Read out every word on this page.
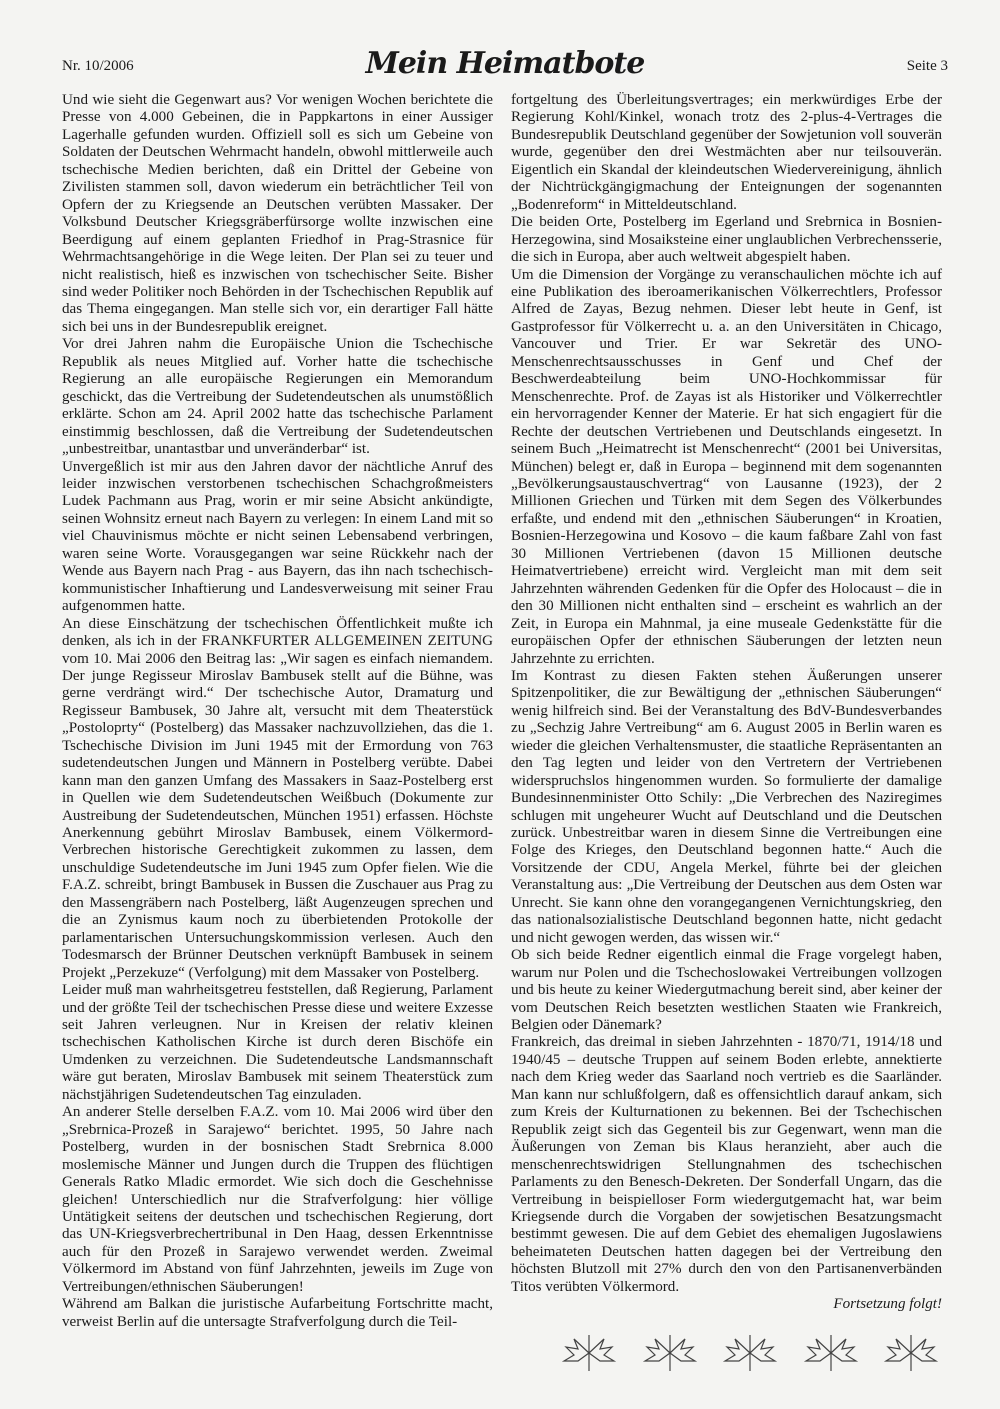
Nr. 10/2006	Mein Heimatbote	Seite 3

Und wie sieht die Gegenwart aus? Vor wenigen Wochen berichtete die Presse von 4.000 Gebeinen, die in Pappkartons in einer Aussiger Lagerhalle gefunden wurden. Offiziell soll es sich um Gebeine von Soldaten der Deutschen Wehrmacht handeln, obwohl mittlerweile auch tschechische Medien berichten, daß ein Drittel der Gebeine von Zivilisten stammen soll, davon wiederum ein beträchtlicher Teil von Opfern der zu Kriegsende an Deutschen verübten Massaker. Der Volksbund Deutscher Kriegsgräberfürsorge wollte inzwischen eine Beerdigung auf einem geplanten Friedhof in Prag-Strasnice für Wehrmachtsangehörige in die Wege leiten. Der Plan sei zu teuer und nicht realistisch, hieß es inzwischen von tschechischer Seite. Bisher sind weder Politiker noch Behörden in der Tschechischen Republik auf das Thema eingegangen. Man stelle sich vor, ein derartiger Fall hätte sich bei uns in der Bundesrepublik ereignet.

Vor drei Jahren nahm die Europäische Union die Tschechische Republik als neues Mitglied auf. Vorher hatte die tschechische Regierung an alle europäische Regierungen ein Memorandum geschickt, das die Vertreibung der Sudetendeutschen als unumstößlich erklärte. Schon am 24. April 2002 hatte das tschechische Parlament einstimmig beschlossen, daß die Vertreibung der Sudetendeutschen „unbestreitbar, unantastbar und unveränderbar“ ist.

Unvergeßlich ist mir aus den Jahren davor der nächtliche Anruf des leider inzwischen verstorbenen tschechischen Schachgroßmeisters Ludek Pachmann aus Prag, worin er mir seine Absicht ankündigte, seinen Wohnsitz erneut nach Bayern zu verlegen: In einem Land mit so viel Chauvinismus möchte er nicht seinen Lebensabend verbringen, waren seine Worte. Vorausgegangen war seine Rückkehr nach der Wende aus Bayern nach Prag - aus Bayern, das ihn nach tschechisch-kommunistischer Inhaftierung und Landesverweisung mit seiner Frau aufgenommen hatte.

An diese Einschätzung der tschechischen Öffentlichkeit mußte ich denken, als ich in der FRANKFURTER ALLGEMEINEN ZEITUNG vom 10. Mai 2006 den Beitrag las: „Wir sagen es einfach niemandem. Der junge Regisseur Miroslav Bambusek stellt auf die Bühne, was gerne verdrängt wird.“ Der tschechische Autor, Dramaturg und Regisseur Bambusek, 30 Jahre alt, versucht mit dem Theaterstück „Postoloprty“ (Postelberg) das Massaker nachzuvollziehen, das die 1. Tschechische Division im Juni 1945 mit der Ermordung von 763 sudetendeutschen Jungen und Männern in Postelberg verübte. Dabei kann man den ganzen Umfang des Massakers in Saaz-Postelberg erst in Quellen wie dem Sudetendeutschen Weißbuch (Dokumente zur Austreibung der Sudetendeutschen, München 1951) erfassen. Höchste Anerkennung gebührt Miroslav Bambusek, einem Völkermord-Verbrechen historische Gerechtigkeit zukommen zu lassen, dem unschuldige Sudetendeutsche im Juni 1945 zum Opfer fielen. Wie die F.A.Z. schreibt, bringt Bambusek in Bussen die Zuschauer aus Prag zu den Massengräbern nach Postelberg, läßt Augenzeugen sprechen und die an Zynismus kaum noch zu überbietenden Protokolle der parlamentarischen Untersuchungskommission verlesen. Auch den Todesmarsch der Brünner Deutschen verknüpft Bambusek in seinem Projekt „Perzekuze“ (Verfolgung) mit dem Massaker von Postelberg.

Leider muß man wahrheitsgetreu feststellen, daß Regierung, Parlament und der größte Teil der tschechischen Presse diese und weitere Exzesse seit Jahren verleugnen. Nur in Kreisen der relativ kleinen tschechischen Katholischen Kirche ist durch deren Bischöfe ein Umdenken zu verzeichnen. Die Sudetendeutsche Landsmannschaft wäre gut beraten, Miroslav Bambusek mit seinem Theaterstück zum nächstjährigen Sudetendeutschen Tag einzuladen.

An anderer Stelle derselben F.A.Z. vom 10. Mai 2006 wird über den „Srebrnica-Prozeß in Sarajewo“ berichtet. 1995, 50 Jahre nach Postelberg, wurden in der bosnischen Stadt Srebrnica 8.000 moslemische Männer und Jungen durch die Truppen des flüchtigen Generals Ratko Mladic ermordet. Wie sich doch die Geschehnisse gleichen! Unterschiedlich nur die Strafverfolgung: hier völlige Untätigkeit seitens der deutschen und tschechischen Regierung, dort das UN-Kriegsverbrechertribunal in Den Haag, dessen Erkenntnisse auch für den Prozeß in Sarajewo verwendet werden. Zweimal Völkermord im Abstand von fünf Jahrzehnten, jeweils im Zuge von Vertreibungen/ethnischen Säuberungen!

Während am Balkan die juristische Aufarbeitung Fortschritte macht, verweist Berlin auf die untersagte Strafverfolgung durch die Teil-

fortgeltung des Überleitungsvertrages; ein merkwürdiges Erbe der Regierung Kohl/Kinkel, wonach trotz des 2-plus-4-Vertrages die Bundesrepublik Deutschland gegenüber der Sowjetunion voll souverän wurde, gegenüber den drei Westmächten aber nur teilsouverän. Eigentlich ein Skandal der kleindeutschen Wiedervereinigung, ähnlich der Nichtrückgängigmachung der Enteignungen der sogenannten „Bodenreform“ in Mitteldeutschland.

Die beiden Orte, Postelberg im Egerland und Srebrnica in Bosnien-Herzegowina, sind Mosaiksteine einer unglaublichen Verbrechensserie, die sich in Europa, aber auch weltweit abgespielt haben.

Um die Dimension der Vorgänge zu veranschaulichen möchte ich auf eine Publikation des iberoamerikanischen Völkerrechtlers, Professor Alfred de Zayas, Bezug nehmen. Dieser lebt heute in Genf, ist Gastprofessor für Völkerrecht u. a. an den Universitäten in Chicago, Vancouver und Trier. Er war Sekretär des UNO-Menschenrechtsausschusses in Genf und Chef der Beschwerdeabteilung beim UNO-Hochkommissar für Menschenrechte. Prof. de Zayas ist als Historiker und Völkerrechtler ein hervorragender Kenner der Materie. Er hat sich engagiert für die Rechte der deutschen Vertriebenen und Deutschlands eingesetzt. In seinem Buch „Heimatrecht ist Menschenrecht“ (2001 bei Universitas, München) belegt er, daß in Europa – beginnend mit dem sogenannten „Bevölkerungsaustauschvertrag“ von Lausanne (1923), der 2 Millionen Griechen und Türken mit dem Segen des Völkerbundes erfaßte, und endend mit den „ethnischen Säuberungen“ in Kroatien, Bosnien-Herzegowina und Kosovo – die kaum faßbare Zahl von fast 30 Millionen Vertriebenen (davon 15 Millionen deutsche Heimatvertriebene) erreicht wird. Vergleicht man mit dem seit Jahrzehnten währenden Gedenken für die Opfer des Holocaust – die in den 30 Millionen nicht enthalten sind – erscheint es wahrlich an der Zeit, in Europa ein Mahnmal, ja eine museale Gedenkstätte für die europäischen Opfer der ethnischen Säuberungen der letzten neun Jahrzehnte zu errichten.

Im Kontrast zu diesen Fakten stehen Äußerungen unserer Spitzenpolitiker, die zur Bewältigung der „ethnischen Säuberungen“ wenig hilfreich sind. Bei der Veranstaltung des BdV-Bundesverbandes zu „Sechzig Jahre Vertreibung“ am 6. August 2005 in Berlin waren es wieder die gleichen Verhaltensmuster, die staatliche Repräsentanten an den Tag legten und leider von den Vertretern der Vertriebenen widerspruchslos hingenommen wurden. So formulierte der damalige Bundesinnenminister Otto Schily: „Die Verbrechen des Naziregimes schlugen mit ungeheurer Wucht auf Deutschland und die Deutschen zurück. Unbestreitbar waren in diesem Sinne die Vertreibungen eine Folge des Krieges, den Deutschland begonnen hatte.“ Auch die Vorsitzende der CDU, Angela Merkel, führte bei der gleichen Veranstaltung aus: „Die Vertreibung der Deutschen aus dem Osten war Unrecht. Sie kann ohne den vorangegangenen Vernichtungskrieg, den das nationalsozialistische Deutschland begonnen hatte, nicht gedacht und nicht gewogen werden, das wissen wir.“

Ob sich beide Redner eigentlich einmal die Frage vorgelegt haben, warum nur Polen und die Tschechoslowakei Vertreibungen vollzogen und bis heute zu keiner Wiedergutmachung bereit sind, aber keiner der vom Deutschen Reich besetzten westlichen Staaten wie Frankreich, Belgien oder Dänemark?

Frankreich, das dreimal in sieben Jahrzehnten - 1870/71, 1914/18 und 1940/45 – deutsche Truppen auf seinem Boden erlebte, annektierte nach dem Krieg weder das Saarland noch vertrieb es die Saarländer. Man kann nur schlußfolgern, daß es offensichtlich darauf ankam, sich zum Kreis der Kulturnationen zu bekennen. Bei der Tschechischen Republik zeigt sich das Gegenteil bis zur Gegenwart, wenn man die Äußerungen von Zeman bis Klaus heranzieht, aber auch die menschenrechtswidrigen Stellungnahmen des tschechischen Parlaments zu den Benesch-Dekreten. Der Sonderfall Ungarn, das die Vertreibung in beispielloser Form wiedergutgemacht hat, war beim Kriegsende durch die Vorgaben der sowjetischen Besatzungsmacht bestimmt gewesen. Die auf dem Gebiet des ehemaligen Jugoslawiens beheimateten Deutschen hatten dagegen bei der Vertreibung den höchsten Blutzoll mit 27% durch den von den Partisanenverbänden Titos verübten Völkermord.

Fortsetzung folgt!
